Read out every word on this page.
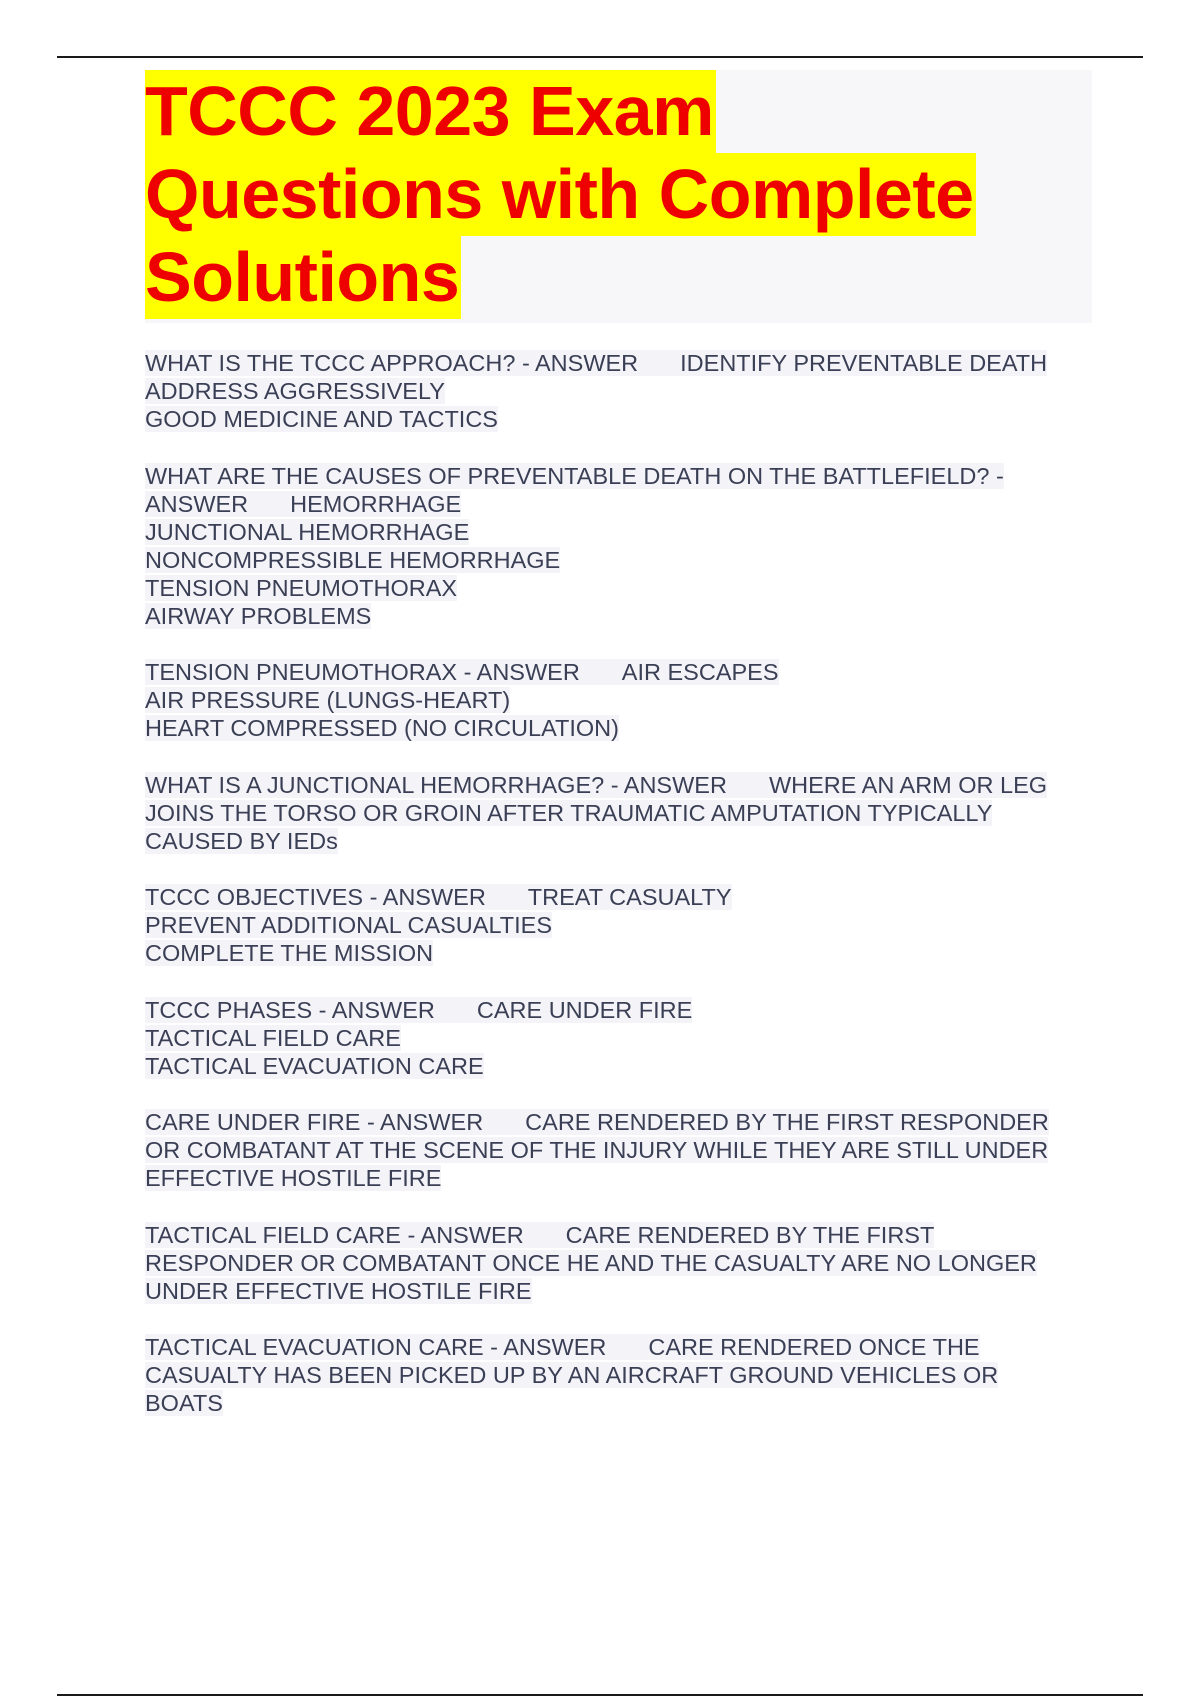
TCCC 2023 Exam
Questions with Complete
Solutions
WHAT IS THE TCCC APPROACH? - ANSWER IDENTIFY PREVENTABLE DEATH
ADDRESS AGGRESSIVELY
GOOD MEDICINE AND TACTICS
WHAT ARE THE CAUSES OF PREVENTABLE DEATH ON THE BATTLEFIELD? -
ANSWER HEMORRHAGE
JUNCTIONAL HEMORRHAGE
NONCOMPRESSIBLE HEMORRHAGE
TENSION PNEUMOTHORAX
AIRWAY PROBLEMS
TENSION PNEUMOTHORAX - ANSWER AIR ESCAPES
AIR PRESSURE (LUNGS-HEART)
HEART COMPRESSED (NO CIRCULATION)
WHAT IS A JUNCTIONAL HEMORRHAGE? - ANSWER WHERE AN ARM OR LEG
JOINS THE TORSO OR GROIN AFTER TRAUMATIC AMPUTATION TYPICALLY
CAUSED BY IEDs
TCCC OBJECTIVES - ANSWER TREAT CASUALTY
PREVENT ADDITIONAL CASUALTIES
COMPLETE THE MISSION
TCCC PHASES - ANSWER CARE UNDER FIRE
TACTICAL FIELD CARE
TACTICAL EVACUATION CARE
CARE UNDER FIRE - ANSWER CARE RENDERED BY THE FIRST RESPONDER
OR COMBATANT AT THE SCENE OF THE INJURY WHILE THEY ARE STILL UNDER
EFFECTIVE HOSTILE FIRE
TACTICAL FIELD CARE - ANSWER CARE RENDERED BY THE FIRST
RESPONDER OR COMBATANT ONCE HE AND THE CASUALTY ARE NO LONGER
UNDER EFFECTIVE HOSTILE FIRE
TACTICAL EVACUATION CARE - ANSWER CARE RENDERED ONCE THE
CASUALTY HAS BEEN PICKED UP BY AN AIRCRAFT GROUND VEHICLES OR
BOATS
